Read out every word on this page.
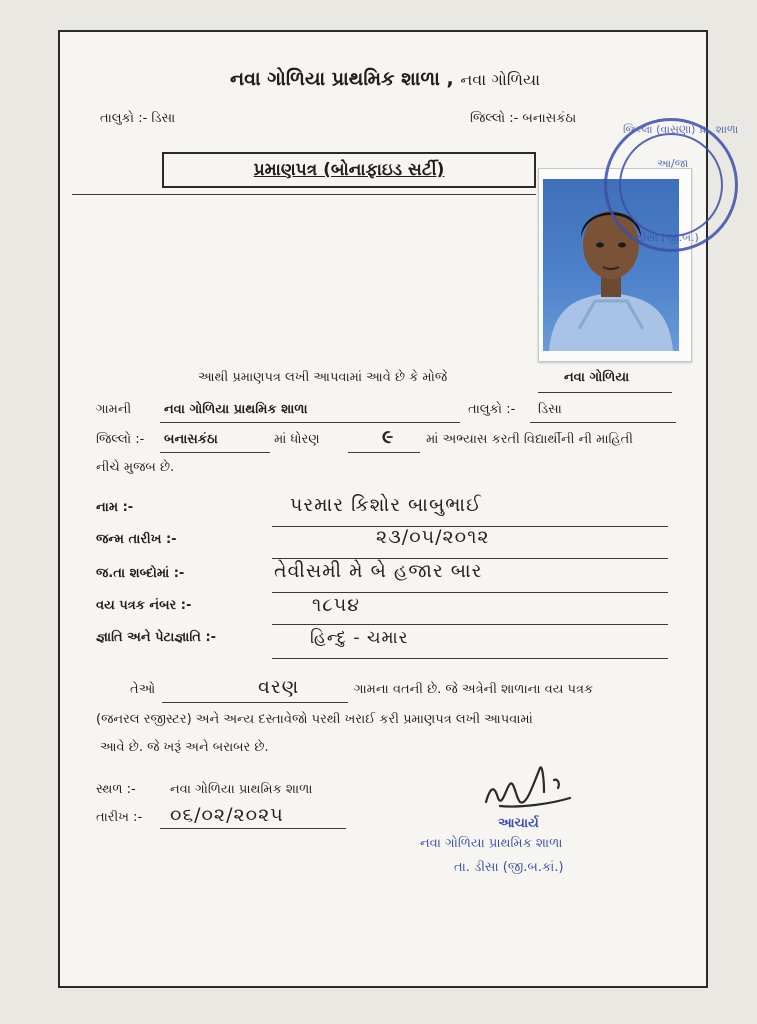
નવા ગોળિયા પ્રાથમિક શાળા , નવા ગોળિયા
તાલુકો :- ડિસા	જિલ્લો :- બનાસકંઠા
પ્રમાણપત્ર (બોનાફાઇડ સર્ટી)
આથી પ્રમાણપત્ર લખી આપવામાં આવે છે કે મોજે	નવા ગોળિયા
ગામની	નવા ગોળિયા પ્રાથમિક શાળા	તાલુકો :- ડિસા
જિલ્લો :- બનાસકંઠા	માં ધોરણ	૯ માં અભ્યાસ કરતી વિદ્યાર્થીની ની માહિતી
નીચે મુજબ છે.
નામ :-	પરમાર કિશોર બાબુભાઈ
જન્મ તારીખ :-	૨૩/૦૫/૨૦૧૨
જ.તા શબ્દોમાં :-	તેવીસમી મે બે હજાર બાર
વય પત્રક નંબર :-	૧૮૫૪
જ્ઞાતિ અને પેટાજ્ઞાતિ :-	હિન્દુ - ચમાર
તેઓ	વરણ	ગામના વતની છે. જે અત્રેની શાળાના વય પત્રક
(જનરલ રજીસ્ટર) અને અન્ય દસ્તાવેજો પરથી ખરાઈ કરી પ્રમાણપત્ર લખી આપવામાં
આવે છે. જે ખરૂં અને બરાબર છે.
સ્થળ :-	નવા ગોળિયા પ્રાથમિક શાળા
તારીખ :- ૦૬/૦૨/૨૦૨૫	આચાર્ય
નવા ગોળિયા પ્રાથમિક શાળા
તા. ડીસા (જી.બ.કાં.)
જિલ્લા (વાસણા) પ્રા. શાળા
આ/જા
ડીસા (જી.બ.)
